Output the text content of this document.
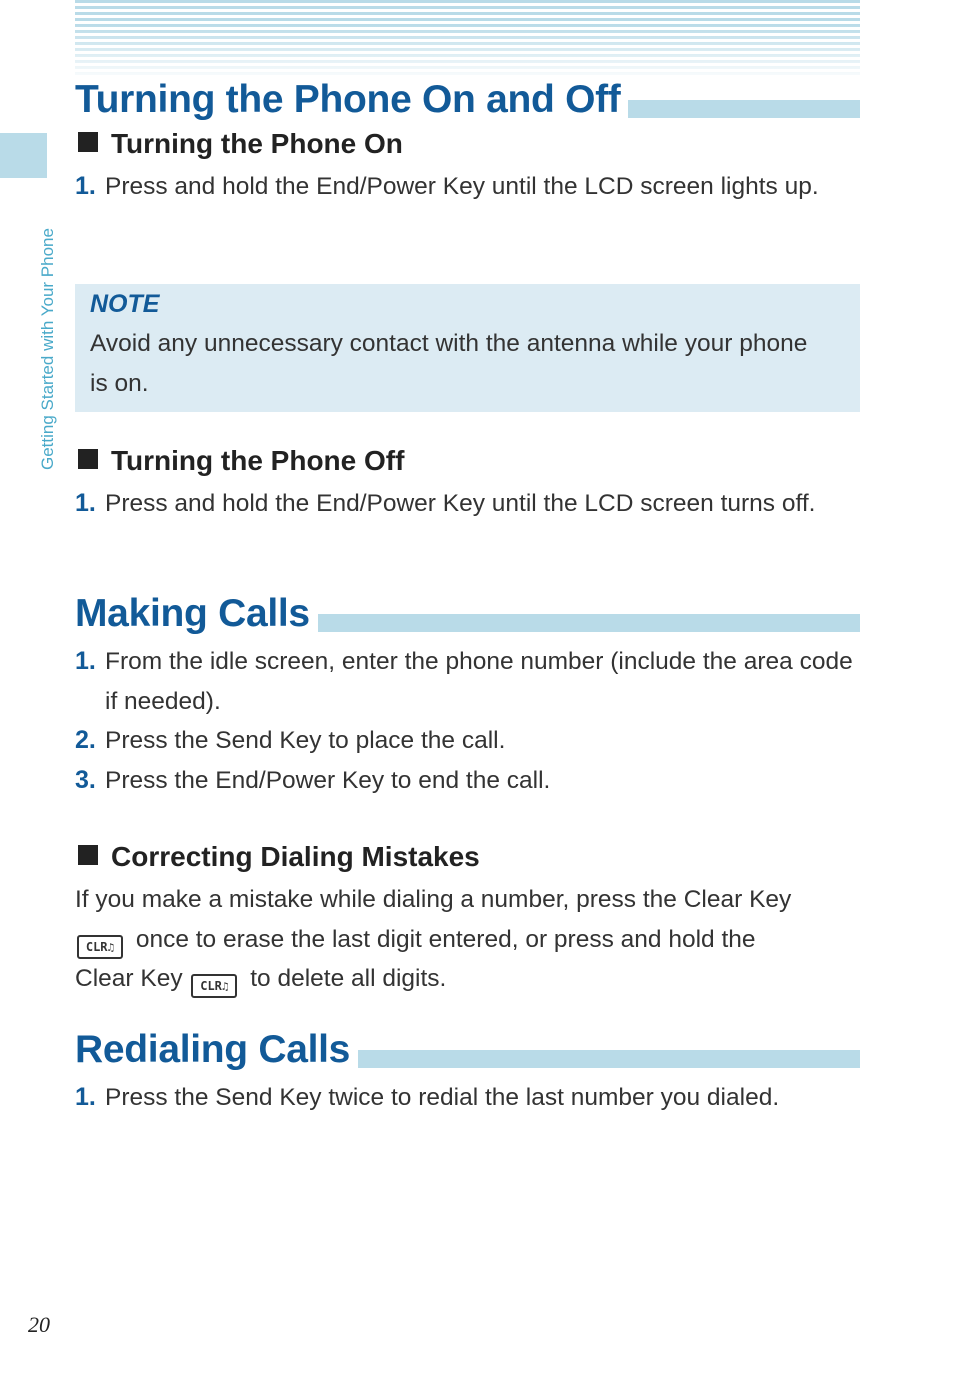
Getting Started with Your Phone
Turning the Phone On and Off
Turning the Phone On
1. Press and hold the End/Power Key until the LCD screen lights up.
NOTE
Avoid any unnecessary contact with the antenna while your phone is on.
Turning the Phone Off
1. Press and hold the End/Power Key until the LCD screen turns off.
Making Calls
1. From the idle screen, enter the phone number (include the area code if needed).
2. Press the Send Key to place the call.
3. Press the End/Power Key to end the call.
Correcting Dialing Mistakes
If you make a mistake while dialing a number, press the Clear Key
CLR♫ once to erase the last digit entered, or press and hold the
Clear Key CLR♫ to delete all digits.
Redialing Calls
1. Press the Send Key twice to redial the last number you dialed.
20
